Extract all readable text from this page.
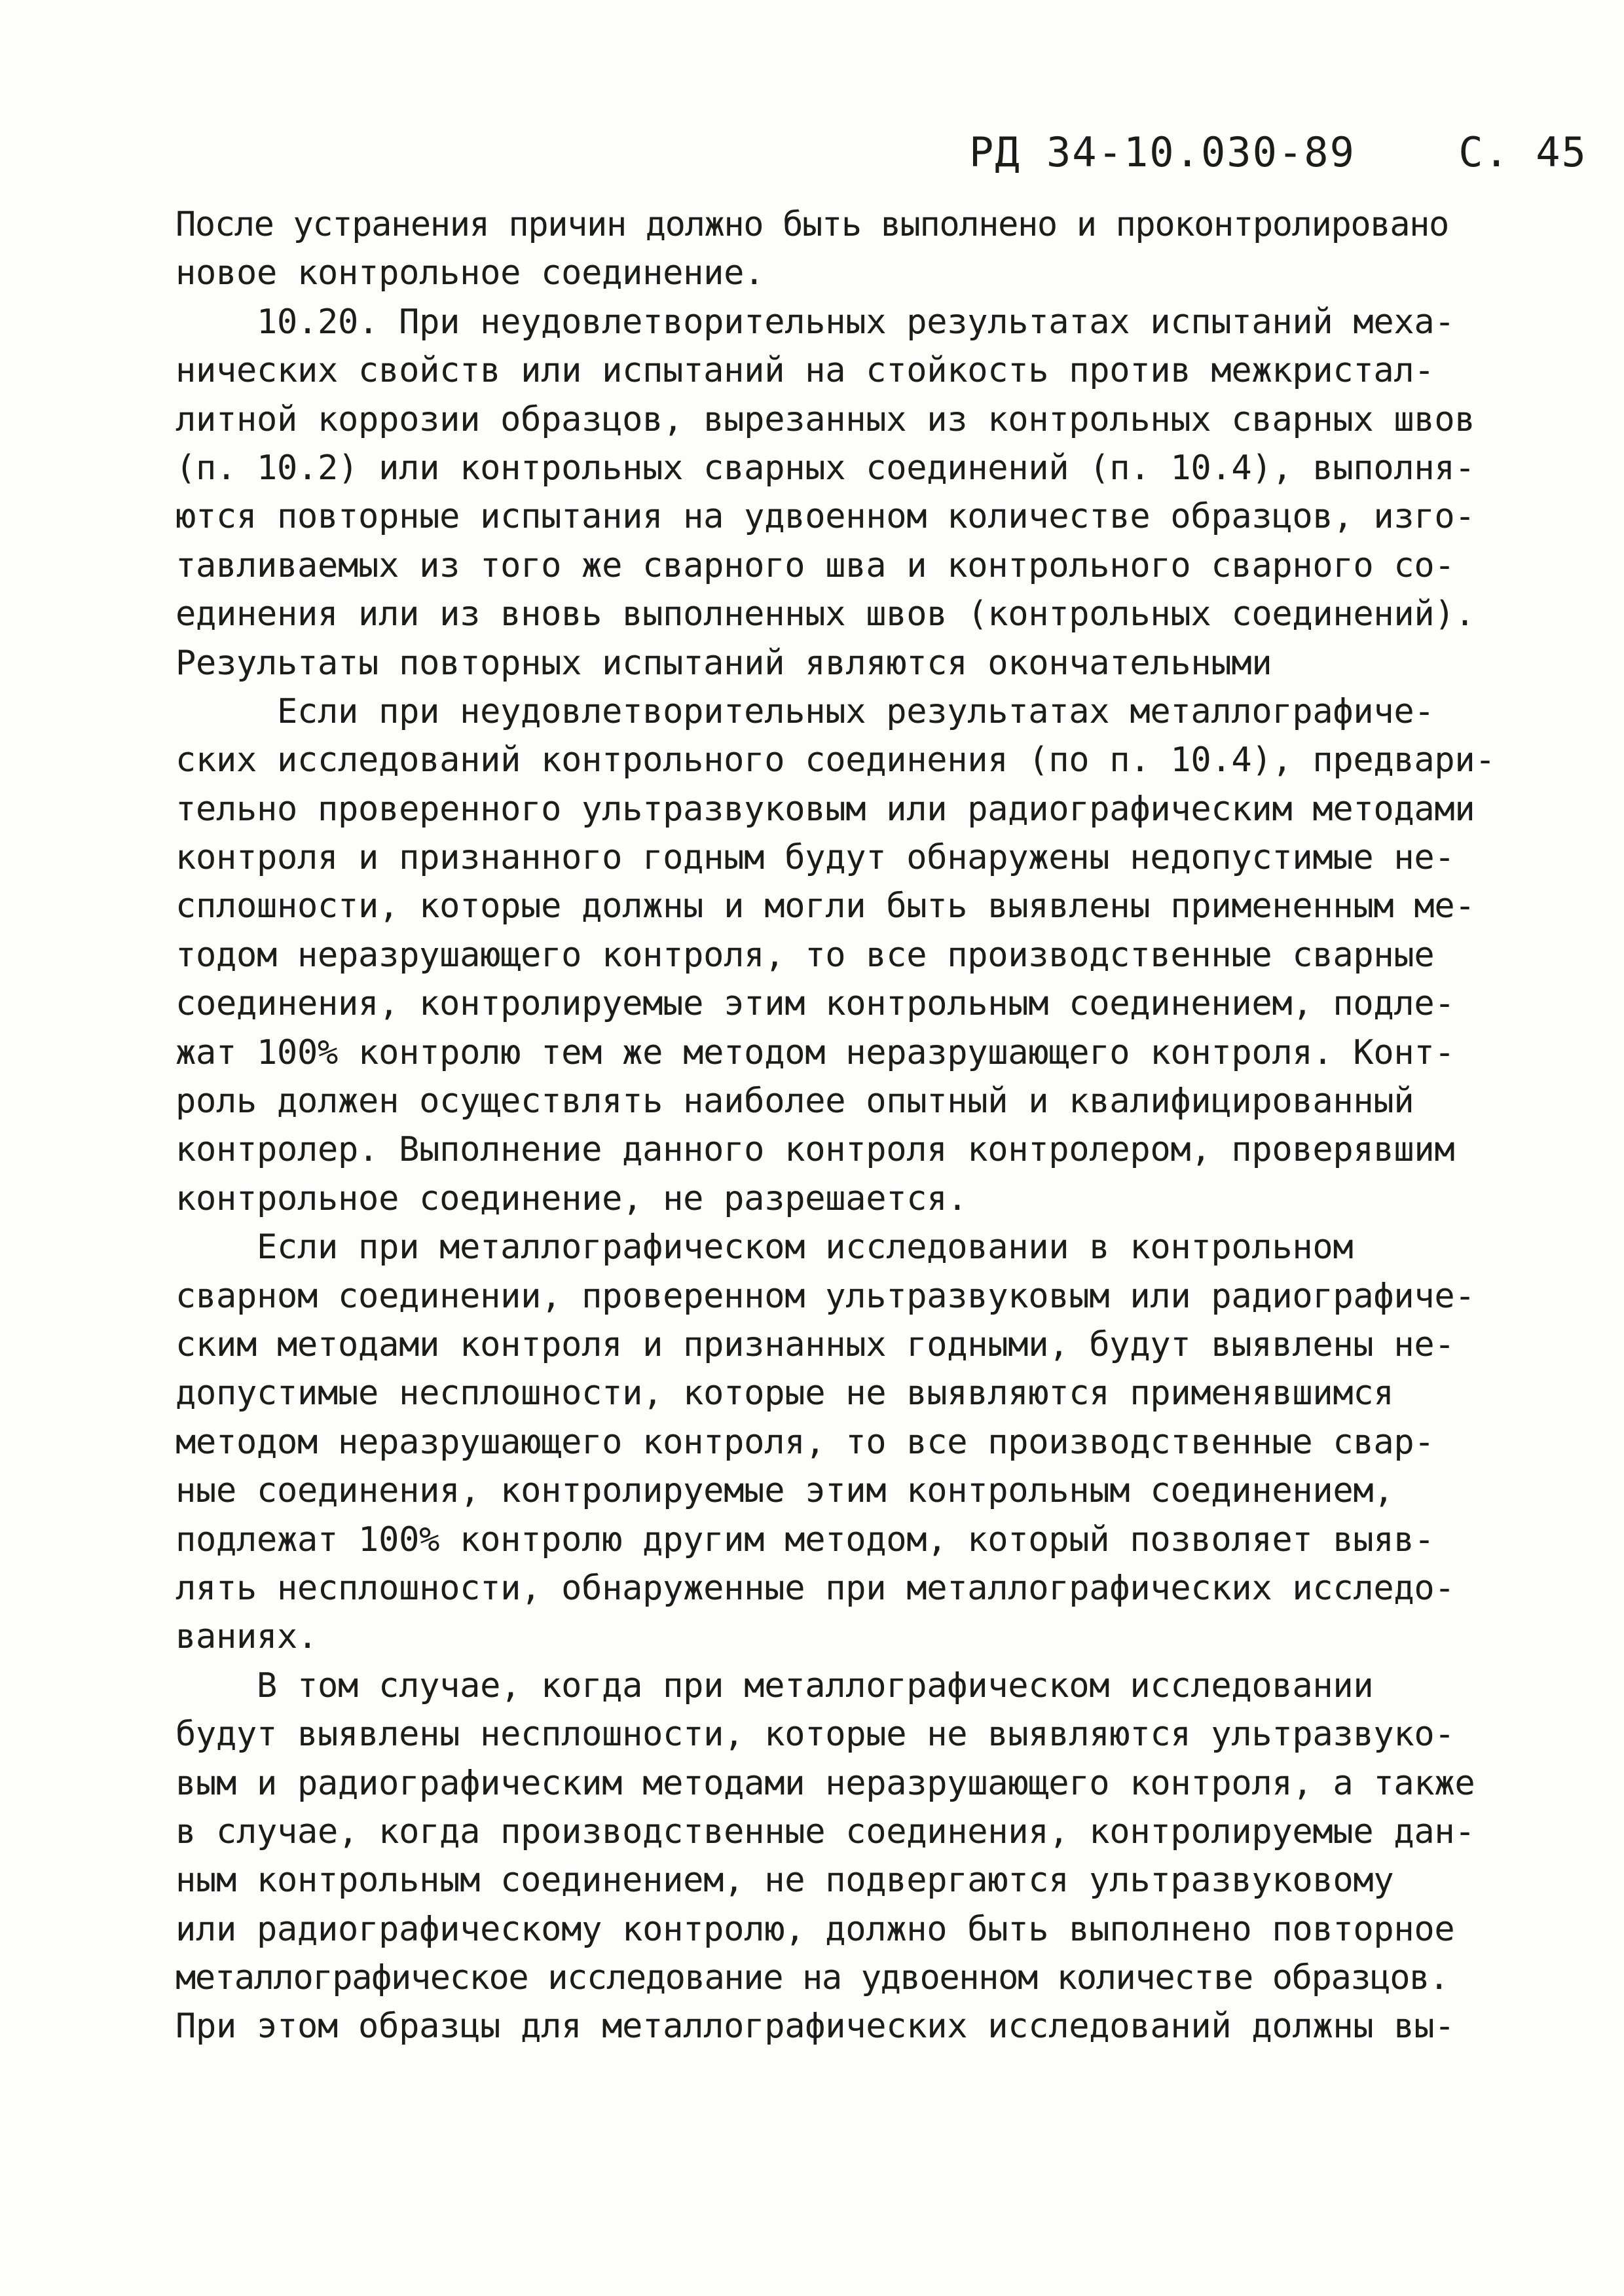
РД 34-10.030-89	С. 45
После устранения причин должно быть выполнено и проконтролировано
новое контрольное соединение.
10.20. При неудовлетворительных результатах испытаний меха-
нических свойств или испытаний на стойкость против межкристал-
литной коррозии образцов, вырезанных из контрольных сварных швов
(п. 10.2) или контрольных сварных соединений (п. 10.4), выполня-
ются повторные испытания на удвоенном количестве образцов, изго-
тавливаемых из того же сварного шва и контрольного сварного со-
единения или из вновь выполненных швов (контрольных соединений).
Результаты повторных испытаний являются окончательными
Если при неудовлетворительных результатах металлографиче-
ских исследований контрольного соединения (по п. 10.4), предвари-
тельно проверенного ультразвуковым или радиографическим методами
контроля и признанного годным будут обнаружены недопустимые не-
сплошности, которые должны и могли быть выявлены примененным ме-
тодом неразрушающего контроля, то все производственные сварные
соединения, контролируемые этим контрольным соединением, подле-
жат 100% контролю тем же методом неразрушающего контроля. Конт-
роль должен осуществлять наиболее опытный и квалифицированный
контролер. Выполнение данного контроля контролером, проверявшим
контрольное соединение, не разрешается.
Если при металлографическом исследовании в контрольном
сварном соединении, проверенном ультразвуковым или радиографиче-
ским методами контроля и признанных годными, будут выявлены не-
допустимые несплошности, которые не выявляются применявшимся
методом неразрушающего контроля, то все производственные свар-
ные соединения, контролируемые этим контрольным соединением,
подлежат 100% контролю другим методом, который позволяет выяв-
лять несплошности, обнаруженные при металлографических исследо-
ваниях.
В том случае, когда при металлографическом исследовании
будут выявлены несплошности, которые не выявляются ультразвуко-
вым и радиографическим методами неразрушающего контроля, а также
в случае, когда производственные соединения, контролируемые дан-
ным контрольным соединением, не подвергаются ультразвуковому
или радиографическому контролю, должно быть выполнено повторное
металлографическое исследование на удвоенном количестве образцов.
При этом образцы для металлографических исследований должны вы-
